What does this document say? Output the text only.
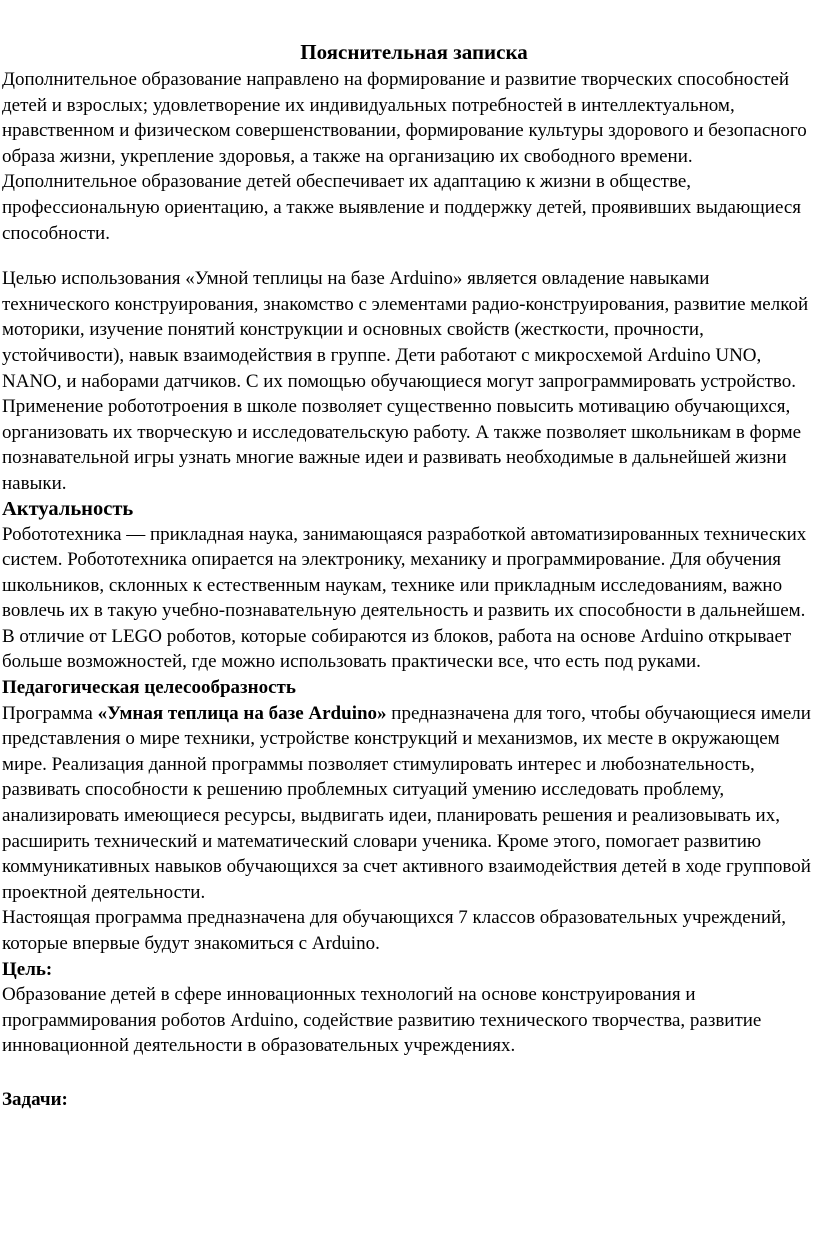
Пояснительная записка

Дополнительное образование направлено на формирование и развитие творческих способностей детей и взрослых; удовлетворение их индивидуальных потребностей в интеллектуальном, нравственном и физическом совершенствовании, формирование культуры здорового и безопасного образа жизни, укрепление здоровья, а также на организацию их свободного времени. Дополнительное образование детей обеспечивает их адаптацию к жизни в обществе, профессиональную ориентацию, а также выявление и поддержку детей, проявивших выдающиеся способности.

Целью использования «Умной теплицы на базе Arduino» является овладение навыками технического конструирования, знакомство с элементами радио-конструирования, развитие мелкой моторики, изучение понятий конструкции и основных свойств (жесткости, прочности, устойчивости), навык взаимодействия в группе. Дети работают с микросхемой Arduino UNO, NANO, и наборами датчиков. С их помощью обучающиеся могут запрограммировать устройство.

Применение робототроения в школе позволяет существенно повысить мотивацию обучающихся, организовать их творческую и исследовательскую работу. А также позволяет школьникам в форме познавательной игры узнать многие важные идеи и развивать необходимые в дальнейшей жизни навыки.

Актуальность

Робототехника — прикладная наука, занимающаяся разработкой автоматизированных технических систем. Робототехника опирается на электронику, механику и программирование. Для обучения школьников, склонных к естественным наукам, технике или прикладным исследованиям, важно вовлечь их в такую учебно-познавательную деятельность и развить их способности в дальнейшем.

В отличие от LEGO роботов, которые собираются из блоков, работа на основе Arduino открывает больше возможностей, где можно использовать практически все, что есть под руками.

Педагогическая целесообразность

Программа «Умная теплица на базе Arduino» предназначена для того, чтобы обучающиеся имели представления о мире техники, устройстве конструкций и механизмов, их месте в окружающем мире. Реализация данной программы позволяет стимулировать интерес и любознательность, развивать способности к решению проблемных ситуаций умению исследовать проблему, анализировать имеющиеся ресурсы, выдвигать идеи, планировать решения и реализовывать их, расширить технический и математический словари ученика. Кроме этого, помогает развитию коммуникативных навыков обучающихся за счет активного взаимодействия детей в ходе групповой проектной деятельности.

Настоящая программа предназначена для обучающихся 7 классов образовательных учреждений, которые впервые будут знакомиться с Arduino.

Цель:

Образование детей в сфере инновационных технологий на основе конструирования и программирования роботов Arduino, содействие развитию технического творчества, развитие инновационной деятельности в образовательных учреждениях.

Задачи:
